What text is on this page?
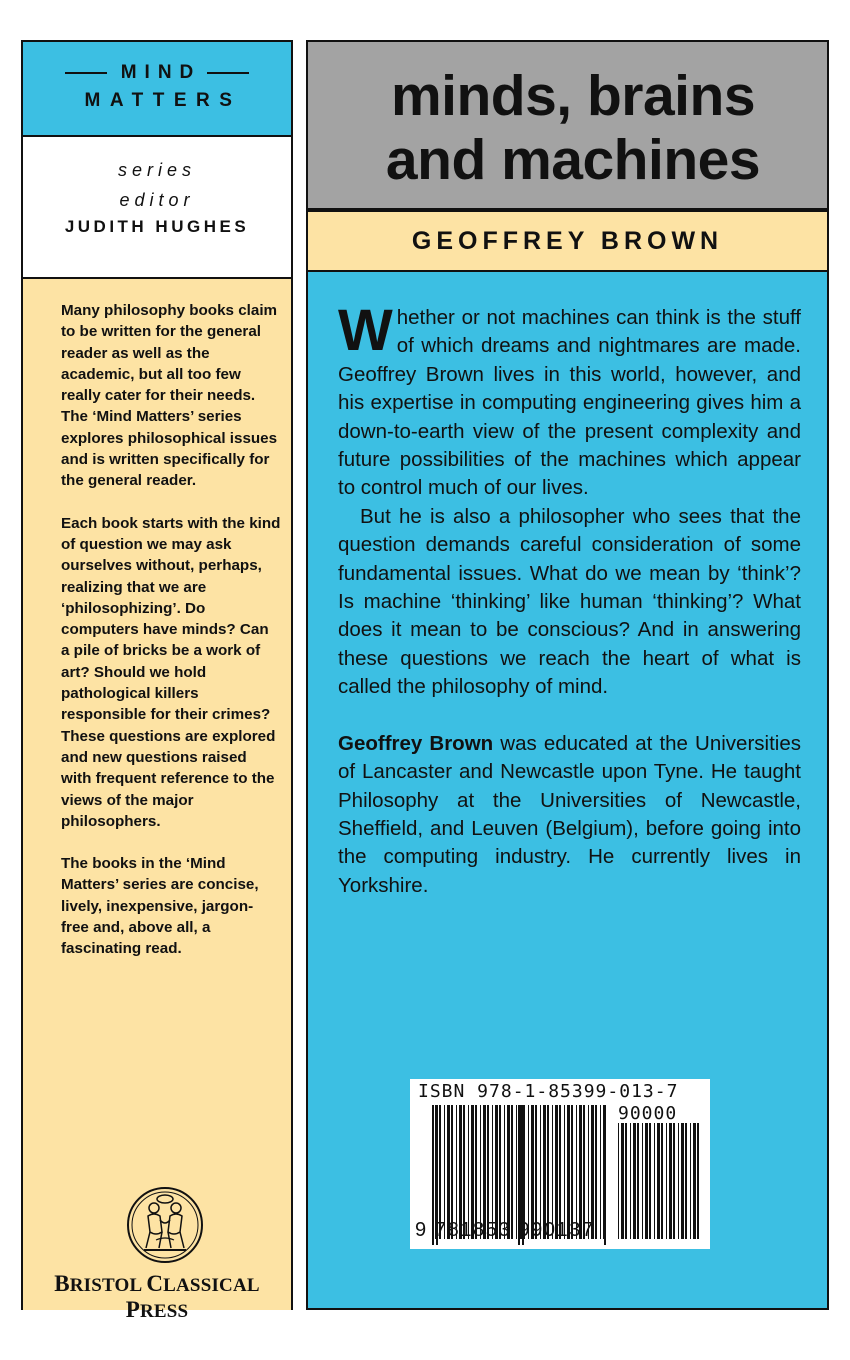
MIND
MATTERS
series
editor
JUDITH HUGHES

Many philosophy books claim to be written for the general reader as well as the academic, but all too few really cater for their needs. The ‘Mind Matters’ series explores philosophical issues and is written specifically for the general reader.

Each book starts with the kind of question we may ask ourselves without, perhaps, realizing that we are ‘philosophizing’. Do computers have minds? Can a pile of bricks be a work of art? Should we hold pathological killers responsible for their crimes? These questions are explored and new questions raised with frequent reference to the views of the major philosophers.

The books in the ‘Mind Matters’ series are concise, lively, inexpensive, jargon-free and, above all, a fascinating read.

BRISTOL CLASSICAL PRESS
minds, brains
and machines
GEOFFREY BROWN

Whether or not machines can think is the stuff of which dreams and nightmares are made. Geoffrey Brown lives in this world, however, and his expertise in computing engineering gives him a down-to-earth view of the present complexity and future possibilities of the machines which appear to control much of our lives.

But he is also a philosopher who sees that the question demands careful consideration of some fundamental issues. What do we mean by ‘think’? Is machine ‘thinking’ like human ‘thinking’? What does it mean to be conscious? And in answering these questions we reach the heart of what is called the philosophy of mind.

Geoffrey Brown was educated at the Universities of Lancaster and Newcastle upon Tyne. He taught Philosophy at the Universities of Newcastle, Sheffield, and Leuven (Belgium), before going into the computing industry. He currently lives in Yorkshire.

ISBN 978-1-85399-013-7
90000
9 781853 990137
